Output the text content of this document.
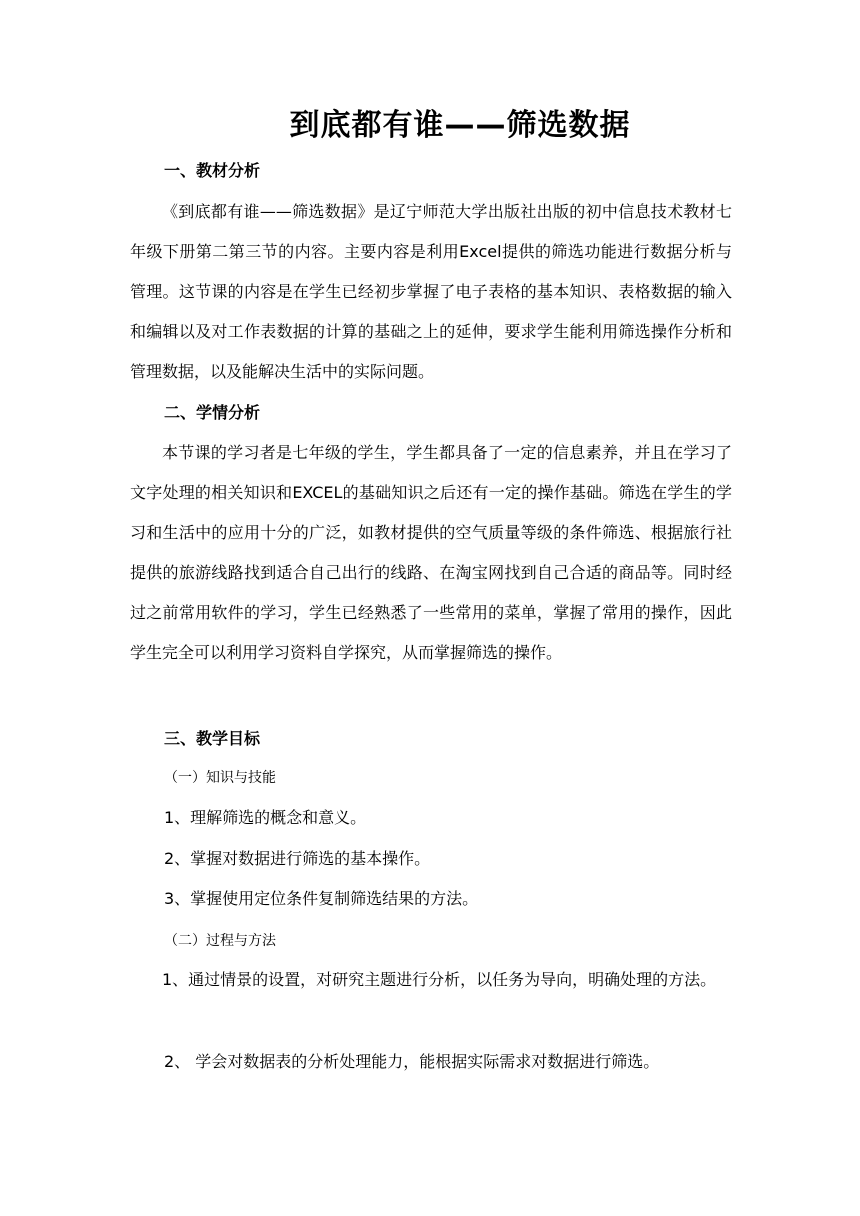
到底都有谁——筛选数据
一、教材分析
《到底都有谁——筛选数据》是辽宁师范大学出版社出版的初中信息技术教材七年级下册第二第三节的内容。主要内容是利用Excel提供的筛选功能进行数据分析与管理。这节课的内容是在学生已经初步掌握了电子表格的基本知识、表格数据的输入和编辑以及对工作表数据的计算的基础之上的延伸，要求学生能利用筛选操作分析和管理数据，以及能解决生活中的实际问题。
二、学情分析
本节课的学习者是七年级的学生，学生都具备了一定的信息素养，并且在学习了文字处理的相关知识和EXCEL的基础知识之后还有一定的操作基础。筛选在学生的学习和生活中的应用十分的广泛，如教材提供的空气质量等级的条件筛选、根据旅行社提供的旅游线路找到适合自己出行的线路、在淘宝网找到自己合适的商品等。同时经过之前常用软件的学习，学生已经熟悉了一些常用的菜单，掌握了常用的操作，因此学生完全可以利用学习资料自学探究，从而掌握筛选的操作。
三、教学目标
（一）知识与技能
1、理解筛选的概念和意义。
2、掌握对数据进行筛选的基本操作。
3、掌握使用定位条件复制筛选结果的方法。
（二）过程与方法
1、通过情景的设置，对研究主题进行分析，以任务为导向，明确处理的方法。
2、 学会对数据表的分析处理能力，能根据实际需求对数据进行筛选。
